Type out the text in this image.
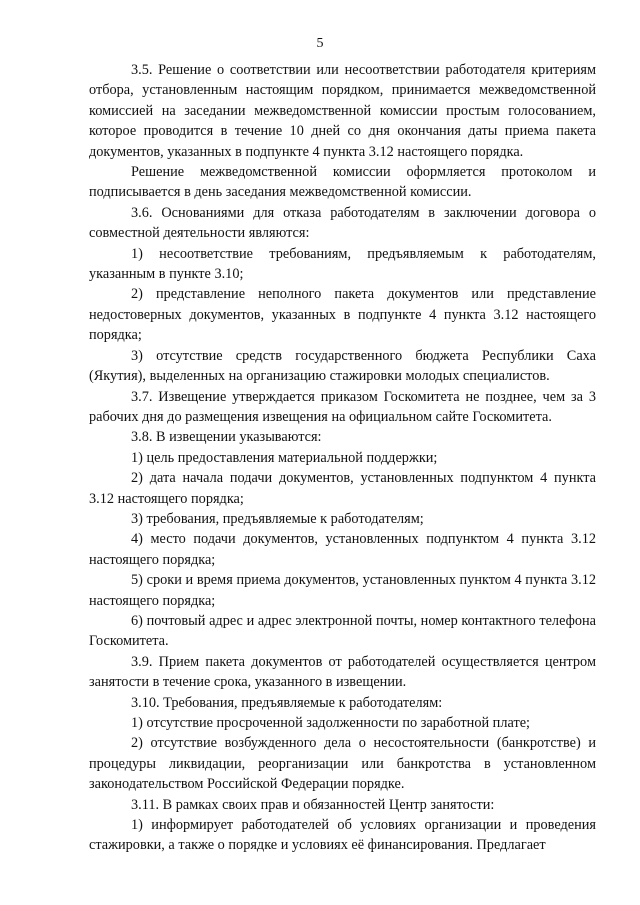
5

3.5. Решение о соответствии или несоответствии работодателя критериям отбора, установленным настоящим порядком, принимается межведомственной комиссией на заседании межведомственной комиссии простым голосованием, которое проводится в течение 10 дней со дня окончания даты приема пакета документов, указанных в подпункте 4 пункта 3.12 настоящего порядка.

Решение межведомственной комиссии оформляется протоколом и подписывается в день заседания межведомственной комиссии.

3.6. Основаниями для отказа работодателям в заключении договора о совместной деятельности являются:

1) несоответствие требованиям, предъявляемым к работодателям, указанным в пункте 3.10;

2) представление неполного пакета документов или представление недостоверных документов, указанных в подпункте 4 пункта 3.12 настоящего порядка;

3) отсутствие средств государственного бюджета Республики Саха (Якутия), выделенных на организацию стажировки молодых специалистов.

3.7. Извещение утверждается приказом Госкомитета не позднее, чем за 3 рабочих дня до размещения извещения на официальном сайте Госкомитета.

3.8. В извещении указываются:

1) цель предоставления материальной поддержки;

2) дата начала подачи документов, установленных подпунктом 4 пункта 3.12 настоящего порядка;

3) требования, предъявляемые к работодателям;

4) место подачи документов, установленных подпунктом 4 пункта 3.12 настоящего порядка;

5) сроки и время приема документов, установленных пунктом 4 пункта 3.12 настоящего порядка;

6) почтовый адрес и адрес электронной почты, номер контактного телефона Госкомитета.

3.9. Прием пакета документов от работодателей осуществляется центром занятости в течение срока, указанного в извещении.

3.10. Требования, предъявляемые к работодателям:

1) отсутствие просроченной задолженности по заработной плате;

2) отсутствие возбужденного дела о несостоятельности (банкротстве) и процедуры ликвидации, реорганизации или банкротства в установленном законодательством Российской Федерации порядке.

3.11. В рамках своих прав и обязанностей Центр занятости:

1) информирует работодателей об условиях организации и проведения стажировки, а также о порядке и условиях её финансирования. Предлагает
